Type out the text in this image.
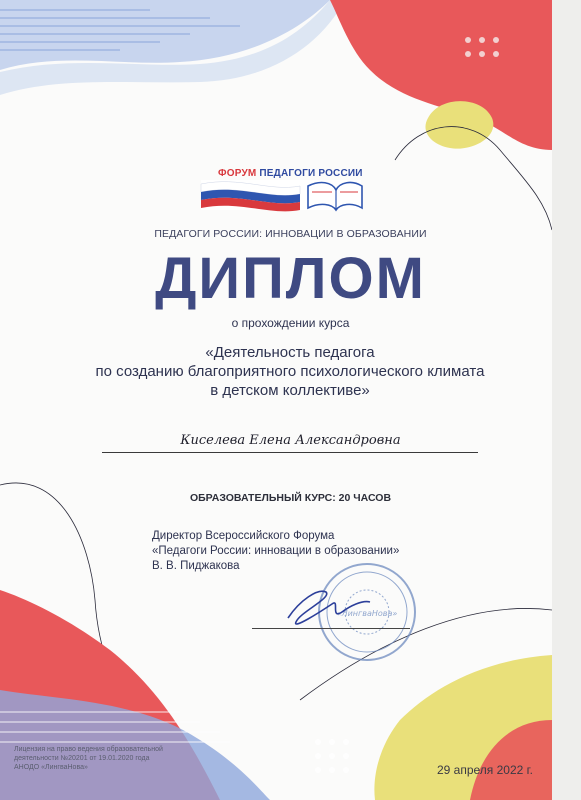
«ЛингваНова»
ФОРУМ ПЕДАГОГИ РОССИИ
ПЕДАГОГИ РОССИИ: ИННОВАЦИИ В ОБРАЗОВАНИИ
ДИПЛОМ
о прохождении курса
«Деятельность педагога
по созданию благоприятного психологического климата
в детском коллективе»
Киселева Елена Александровна
ОБРАЗОВАТЕЛЬНЫЙ КУРС: 20 ЧАСОВ
Директор Всероссийского Форума
«Педагоги России: инновации в образовании»
В. В. Пиджакова
Лицензия на право ведения образовательной
деятельности №20201 от 19.01.2020 года
АНОДО «ЛингваНова»	29 апреля 2022 г.
